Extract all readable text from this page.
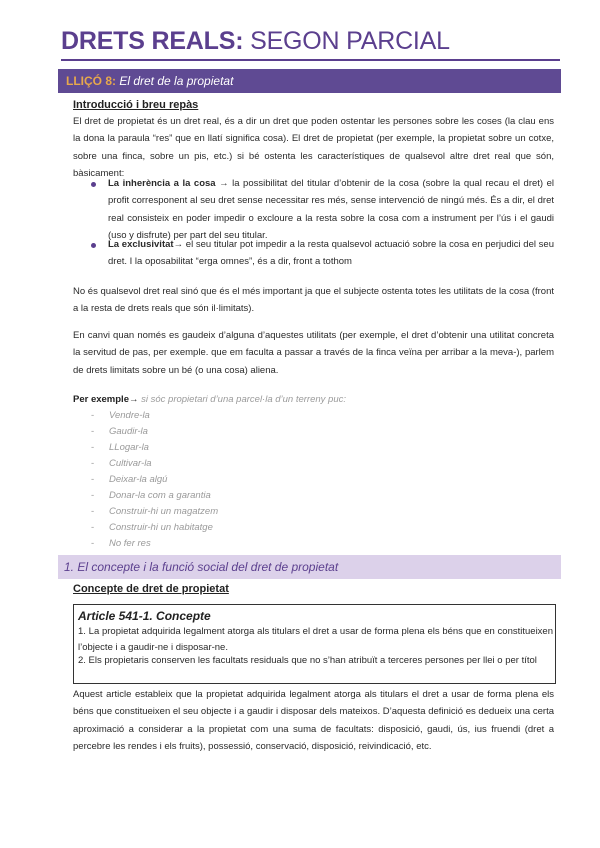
DRETS REALS: SEGON PARCIAL
LLIÇÓ 8: El dret de la propietat
Introducció i breu repàs
El dret de propietat és un dret real, és a dir un dret que poden ostentar les persones sobre les coses (la clau ens la dona la paraula “res” que en llatí significa cosa). El dret de propietat (per exemple, la propietat sobre un cotxe, sobre una finca, sobre un pis, etc.) si bé ostenta les característiques de qualsevol altre dret real que són, bàsicament:
La inherència a la cosa → la possibilitat del titular d’obtenir de la cosa (sobre la qual recau el dret) el profit corresponent al seu dret sense necessitar res més, sense intervenció de ningú més. És a dir, el dret real consisteix en poder impedir o excloure a la resta sobre la cosa com a instrument per l’ús i el gaudi (uso y disfrute) per part del seu titular.
La exclusivitat→ el seu titular pot impedir a la resta qualsevol actuació sobre la cosa en perjudici del seu dret. I la oposabilitat “erga omnes”, és a dir, front a tothom
No és qualsevol dret real sinó que és el més important ja que el subjecte ostenta totes les utilitats de la cosa (front a la resta de drets reals que són il·limitats).
En canvi quan només es gaudeix d’alguna d’aquestes utilitats (per exemple, el dret d’obtenir una utilitat concreta la servitud de pas, per exemple. que em faculta a passar a través de la finca veïna per arribar a la meva-), parlem de drets limitats sobre un bé (o una cosa) aliena.
Per exemple→ si sóc propietari d’una parcel·la d’un terreny puc:
- Vendre-la
- Gaudir-la
- LLogar-la
- Cultivar-la
- Deixar-la algú
- Donar-la com a garantia
- Construir-hi un magatzem
- Construir-hi un habitatge
- No fer res
1. El concepte i la funció social del dret de propietat
Concepte de dret de propietat
Article 541-1. Concepte
1. La propietat adquirida legalment atorga als titulars el dret a usar de forma plena els béns que en constitueixen l’objecte i a gaudir-ne i disposar-ne.
2. Els propietaris conserven les facultats residuals que no s’han atribuït a terceres persones per llei o per títol
Aquest article estableix que la propietat adquirida legalment atorga als titulars el dret a usar de forma plena els béns que constitueixen el seu objecte i a gaudir i disposar dels mateixos. D’aquesta definició es dedueix una certa aproximació a considerar a la propietat com una suma de facultats: disposició, gaudi, ús, ius fruendi (dret a percebre les rendes i els fruits), possessió, conservació, disposició, reivindicació, etc.
